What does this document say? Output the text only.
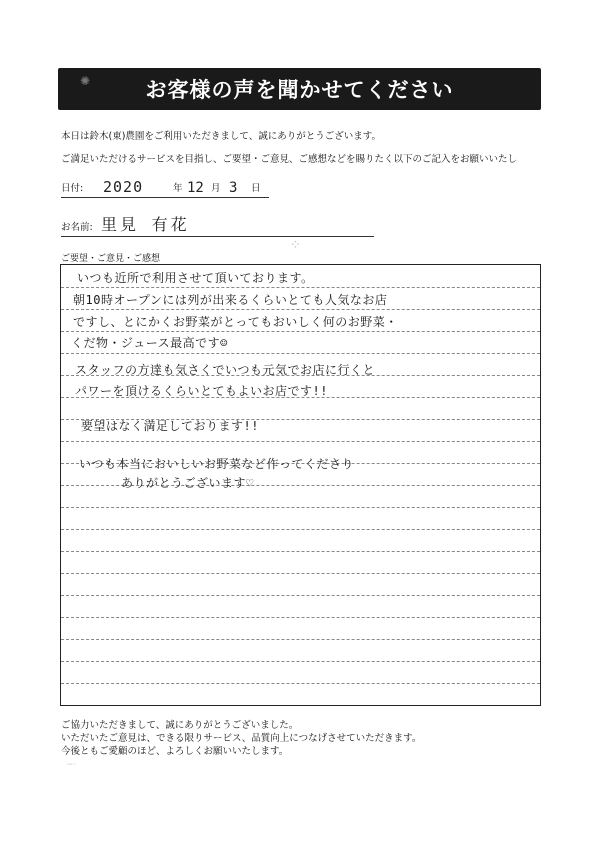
✺	お客様の声を聞かせてください
本日は鈴木(東)農園をご利用いただきまして、誠にありがとうございます。
ご満足いただけるサービスを目指し、ご要望・ご意見、ご感想などを賜りたく以下のご記入をお願いいたし
日付: 2020	年 12 月 3 日
お名前: 里見 有花
⁘
ご要望・ご意見・ご感想
いつも近所で利用させて頂いております。
朝10時オープンには列が出来るくらいとても人気なお店
ですし、とにかくお野菜がとってもおいしく何のお野菜・
くだ物・ジュース最高です☺
スタッフの方達も気さくでいつも元気でお店に行くと
パワーを頂けるくらいとてもよいお店です!!
要望はなく満足しております!!
いつも本当においしいお野菜など作ってくださり
ありがとうございます♡
ご協力いただきまして、誠にありがとうございました。
いただいたご意見は、できる限りサービス、品質向上につなげさせていただきます。
今後ともご愛顧のほど、よろしくお願いいたします。
~·
